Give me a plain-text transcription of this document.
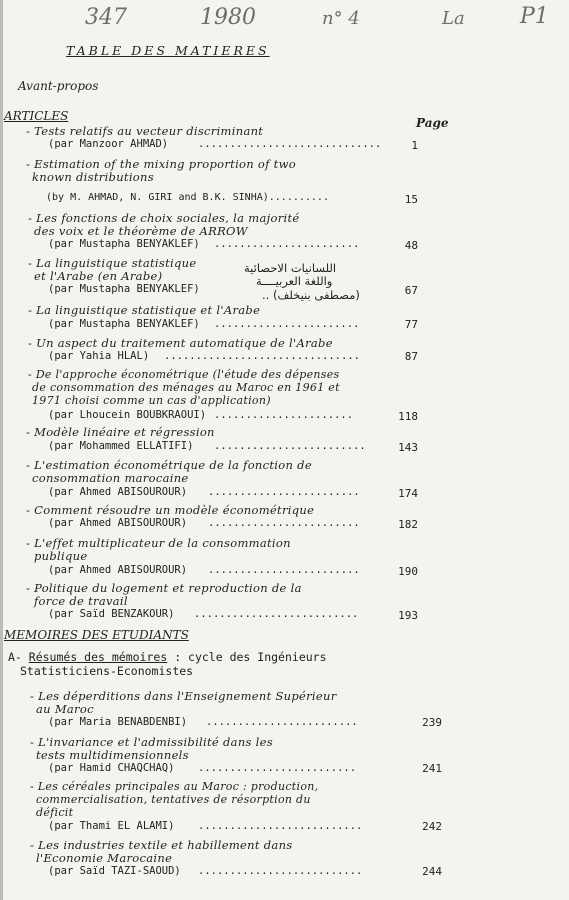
347	1980	n° 4	La	P1
TABLE DES MATIERES
Avant-propos
ARTICLES	Page
- Tests relatifs au vecteur discriminant
(par Manzoor AHMAD)	.............................	1
- Estimation of the mixing proportion of two
known distributions
(by M. AHMAD, N. GIRI and B.K. SINHA)..........	15
- Les fonctions de choix sociales, la majorité
des voix et le théorème de ARROW
(par Mustapha BENYAKLEF) .......................	48
- La linguistique statistique
et l'Arabe (en Arabe)
(par Mustapha BENYAKLEF)
اللسانيات الاحصائية
واللغة العربيــــة
(مصطفى بنيخلف) ..	67
- La linguistique statistique et l'Arabe
(par Mustapha BENYAKLEF) .......................	77
- Un aspect du traitement automatique de l'Arabe
(par Yahia HLAL) ...............................	87
- De l'approche économétrique (l'étude des dépenses
de consommation des ménages au Maroc en 1961 et
1971 choisi comme un cas d'application)
(par Lhoucein BOUBKRAOUI) ......................	118
- Modèle linéaire et régression
(par Mohammed ELLATIFI) ........................	143
- L'estimation économétrique de la fonction de
consommation marocaine
(par Ahmed ABISOUROUR) ........................	174
- Comment résoudre un modèle économétrique
(par Ahmed ABISOUROUR) ........................	182
- L'effet multiplicateur de la consommation
publique
(par Ahmed ABISOUROUR) ........................	190
- Politique du logement et reproduction de la
force de travail
(par Saïd BENZAKOUR) ..........................	193
MEMOIRES DES ETUDIANTS
A- Résumés des mémoires : cycle des Ingénieurs
Statisticiens-Economistes
- Les déperditions dans l'Enseignement Supérieur
au Maroc
(par Maria BENABDENBI) ........................	239
- L'invariance et l'admissibilité dans les
tests multidimensionnels
(par Hamid CHAQCHAQ) .........................	241
- Les céréales principales au Maroc : production,
commercialisation, tentatives de résorption du
déficit
(par Thami EL ALAMI) ..........................	242
- Les industries textile et habillement dans
l'Economie Marocaine
(par Saïd TAZI-SAOUD) ..........................	244
